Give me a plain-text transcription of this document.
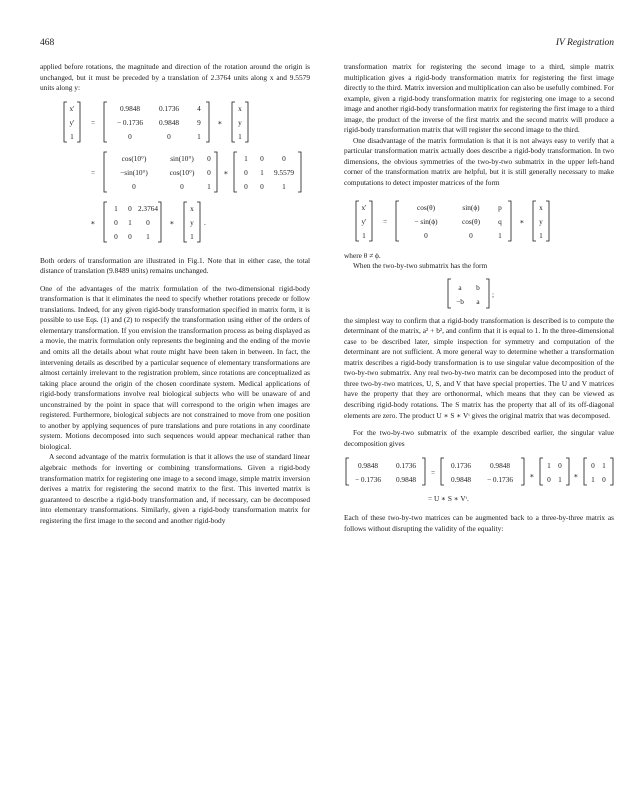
468	IV Registration

applied before rotations, the magnitude and direction of the rotation around the origin is unchanged, but it must be preceded by a translation of 2.3764 units along x and 9.5579 units along y:

x'
y'
1
=
0.9848	0.1736 4
− 0.1736 0.9848 9
0	0	1
∗
x
y
1
=
cos(10°)	sin(10°) 0
−sin(10°)	cos(10°) 0
0	0	1
∗
1 0	0
0 1 9.5579
0 0	1
∗
1 0 2.3764
0 1 0
0 0 1
∗
x
y
1
.

Both orders of transformation are illustrated in Fig.1. Note that in either case, the total distance of translation (9.8489 units) remains unchanged.

One of the advantages of the matrix formulation of the two-dimensional rigid-body transformation is that it eliminates the need to specify whether rotations precede or follow translations. Indeed, for any given rigid-body transformation specified in matrix form, it is possible to use Eqs. (1) and (2) to respecify the transformation using either of the orders of elementary transformation. If you envision the transformation process as being displayed as a movie, the matrix formulation only represents the beginning and the ending of the movie and omits all the details about what route might have been taken in between. In fact, the intervening details as described by a particular sequence of elementary transformations are almost certainly irrelevant to the registration problem, since rotations are conceptualized as taking place around the origin of the chosen coordinate system. Medical applications of rigid-body transformations involve real biological subjects who will be unaware of and unconstrained by the point in space that will correspond to the origin when images are registered. Furthermore, biological subjects are not constrained to move from one position to another by applying sequences of pure translations and pure rotations in any coordinate system. Motions decomposed into such sequences would appear mechanical rather than biological.

A second advantage of the matrix formulation is that it allows the use of standard linear algebraic methods for inverting or combining transformations. Given a rigid-body transformation matrix for registering one image to a second image, simple matrix inversion derives a matrix for registering the second matrix to the first. This inverted matrix is guaranteed to describe a rigid-body transformation and, if necessary, can be decomposed into elementary transformations. Similarly, given a rigid-body transformation matrix for registering the first image to the second and another rigid-body

transformation matrix for registering the second image to a third, simple matrix multiplication gives a rigid-body transformation matrix for registering the first image directly to the third. Matrix inversion and multiplication can also be usefully combined. For example, given a rigid-body transformation matrix for registering one image to a second image and another rigid-body transformation matrix for registering the first image to a third image, the product of the inverse of the first matrix and the second matrix will produce a rigid-body transformation matrix that will register the second image to the third.

One disadvantage of the matrix formulation is that it is not always easy to verify that a particular transformation matrix actually does describe a rigid-body transformation. In two dimensions, the obvious symmetries of the two-by-two submatrix in the upper left-hand corner of the transformation matrix are helpful, but it is still generally necessary to make computations to detect imposter matrices of the form

x'
y'
1
=
cos(θ)	sin(ϕ)	p
− sin(ϕ)	cos(θ) q
0	0	1
∗
x
y
1

where θ ≠ ϕ.

When the two-by-two submatrix has the form

a b
−b a
;

the simplest way to confirm that a rigid-body transformation is described is to compute the determinant of the matrix, a² + b², and confirm that it is equal to 1. In the three-dimensional case to be described later, simple inspection for symmetry and computation of the determinant are not sufficient. A more general way to determine whether a transformation matrix describes a rigid-body transformation is to use singular value decomposition of the two-by-two submatrix. Any real two-by-two matrix can be decomposed into the product of three two-by-two matrices, U, S, and V that have special properties. The U and V matrices have the property that they are orthonormal, which means that they can be viewed as describing rigid-body rotations. The S matrix has the property that all of its off-diagonal elements are zero. The product U ∗ S ∗ Vᵗ gives the original matrix that was decomposed.

For the two-by-two submatrix of the example described earlier, the singular value decomposition gives

0.9848 0.1736
− 0.1736 0.9848
=
0.1736	0.9848
0.9848 − 0.1736 ∗
1 0
0 1 ∗
0 1
1 0
= U ∗ S ∗ Vᵗ.

Each of these two-by-two matrices can be augmented back to a three-by-three matrix as follows without disrupting the validity of the equality:
